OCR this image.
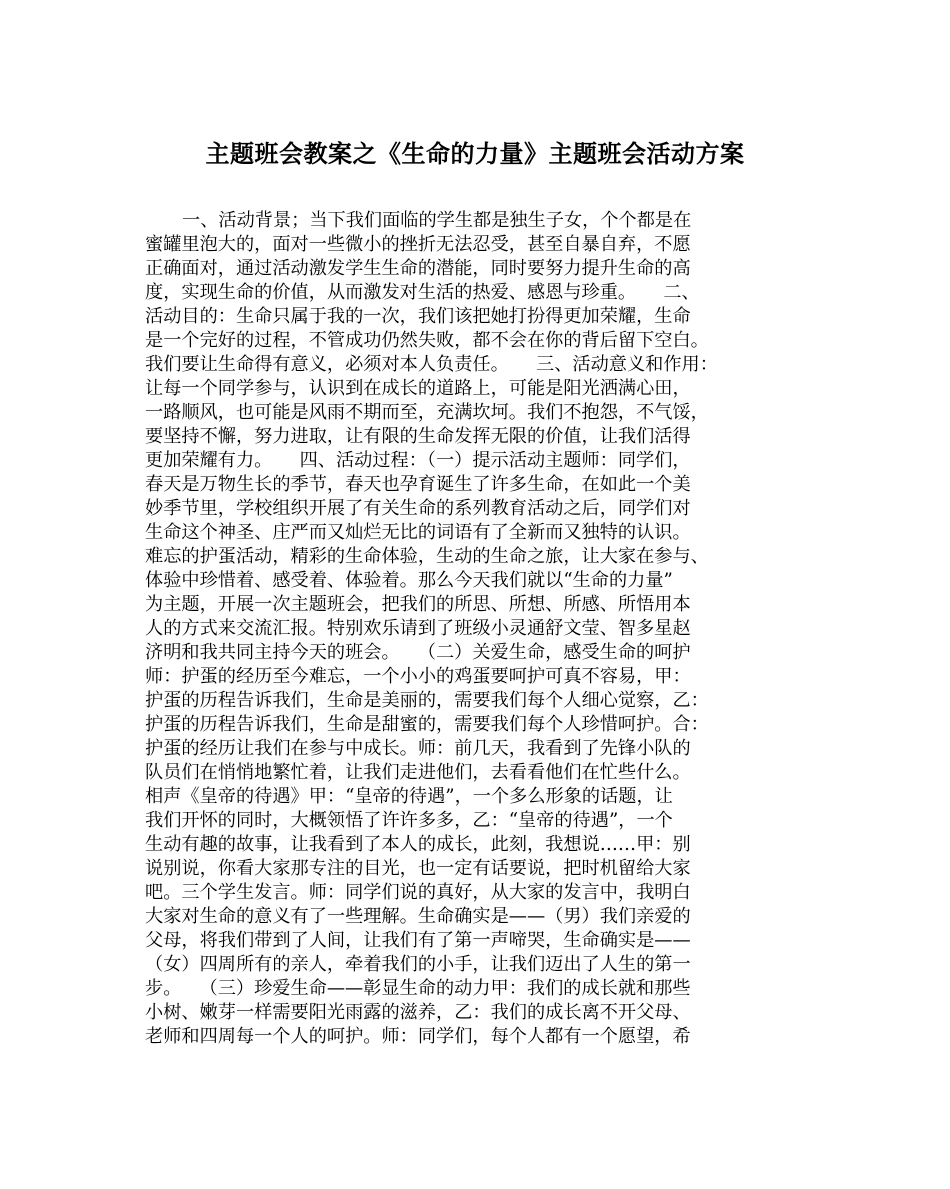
主题班会教案之《生命的力量》主题班会活动方案
一、活动背景；当下我们面临的学生都是独生子女，个个都是在
蜜罐里泡大的，面对一些微小的挫折无法忍受，甚至自暴自弃，不愿
正确面对，通过活动激发学生生命的潜能，同时要努力提升生命的高
度，实现生命的价值，从而激发对生活的热爱、感恩与珍重。　　二、
活动目的：生命只属于我的一次，我们该把她打扮得更加荣耀，生命
是一个完好的过程，不管成功仍然失败，都不会在你的背后留下空白。
我们要让生命得有意义，必须对本人负责任。　　三、活动意义和作用：
让每一个同学参与，认识到在成长的道路上，可能是阳光洒满心田，
一路顺风，也可能是风雨不期而至，充满坎坷。我们不抱怨，不气馁，
要坚持不懈，努力进取，让有限的生命发挥无限的价值，让我们活得
更加荣耀有力。　　四、活动过程：（一）提示活动主题师：同学们，
春天是万物生长的季节，春天也孕育诞生了许多生命，在如此一个美
妙季节里，学校组织开展了有关生命的系列教育活动之后，同学们对
生命这个神圣、庄严而又灿烂无比的词语有了全新而又独特的认识。
难忘的护蛋活动，精彩的生命体验，生动的生命之旅，让大家在参与、
体验中珍惜着、感受着、体验着。那么今天我们就以“生命的力量”
为主题，开展一次主题班会，把我们的所思、所想、所感、所悟用本
人的方式来交流汇报。特别欢乐请到了班级小灵通舒文莹、智多星赵
济明和我共同主持今天的班会。　　（二）关爱生命，感受生命的呵护
师：护蛋的经历至今难忘，一个小小的鸡蛋要呵护可真不容易，甲：
护蛋的历程告诉我们，生命是美丽的，需要我们每个人细心觉察，乙：
护蛋的历程告诉我们，生命是甜蜜的，需要我们每个人珍惜呵护。合：
护蛋的经历让我们在参与中成长。师：前几天，我看到了先锋小队的
队员们在悄悄地繁忙着，让我们走进他们，去看看他们在忙些什么。
相声《皇帝的待遇》甲：“皇帝的待遇”，一个多么形象的话题，让
我们开怀的同时，大概领悟了许许多多，乙：“皇帝的待遇”，一个
生动有趣的故事，让我看到了本人的成长，此刻，我想说……甲：别
说别说，你看大家那专注的目光，也一定有话要说，把时机留给大家
吧。三个学生发言。师：同学们说的真好，从大家的发言中，我明白
大家对生命的意义有了一些理解。生命确实是——（男）我们亲爱的
父母，将我们带到了人间，让我们有了第一声啼哭，生命确实是——
（女）四周所有的亲人，牵着我们的小手，让我们迈出了人生的第一
步。　　（三）珍爱生命——彰显生命的动力甲：我们的成长就和那些
小树、嫩芽一样需要阳光雨露的滋养，乙：我们的成长离不开父母、
老师和四周每一个人的呵护。师：同学们，每个人都有一个愿望，希
